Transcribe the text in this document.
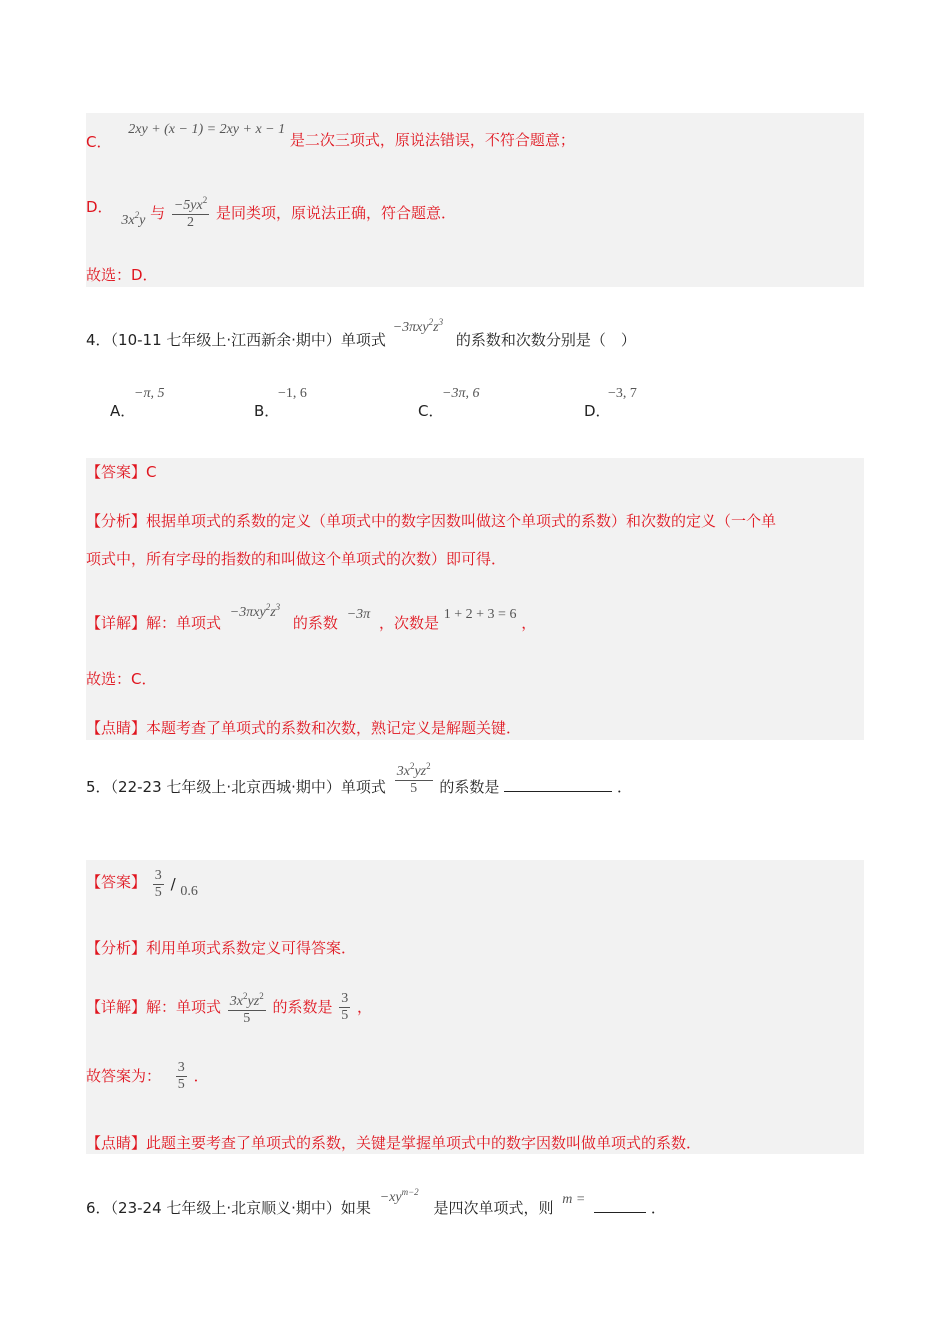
C． 2xy + (x − 1) = 2xy + x − 1 是二次三项式，原说法错误，不符合题意；
D． $3x^2y$ 与 $\frac{-5yx^2}{2}$ 是同类项，原说法正确，符合题意．
故选：D．
4．（10-11 七年级上·江西新余·期中）单项式 $-3\pi xy^2z^3$ 的系数和次数分别是（　）
A．
−π, 5
B．
−1, 6
C．
−3π, 6
D．
−3, 7
【答案】C
【分析】根据单项式的系数的定义（单项式中的数字因数叫做这个单项式的系数）和次数的定义（一个单
项式中，所有字母的指数的和叫做这个单项式的次数）即可得．
【详解】解：单项式 $-3\pi xy^2z^3$ 的系数 −3π ，次数是 1 + 2 + 3 = 6 ，
故选：C．
【点睛】本题考查了单项式的系数和次数，熟记定义是解题关键．
5．（22-23 七年级上·北京西城·期中）单项式 $\frac{3x^2yz^2}{5}$ 的系数是	．
【答案】 $\frac{3}{5} / 0.6$
【分析】利用单项式系数定义可得答案．
【详解】解：单项式 $\frac{3x^2yz^2}{5}$ 的系数是 $\frac{3}{5}$ ，
故答案为： $\frac{3}{5}$ ．
【点睛】此题主要考查了单项式的系数，关键是掌握单项式中的数字因数叫做单项式的系数．
6．（23-24 七年级上·北京顺义·期中）如果 $-xy^{m-2}$ 是四次单项式，则 m =	．
